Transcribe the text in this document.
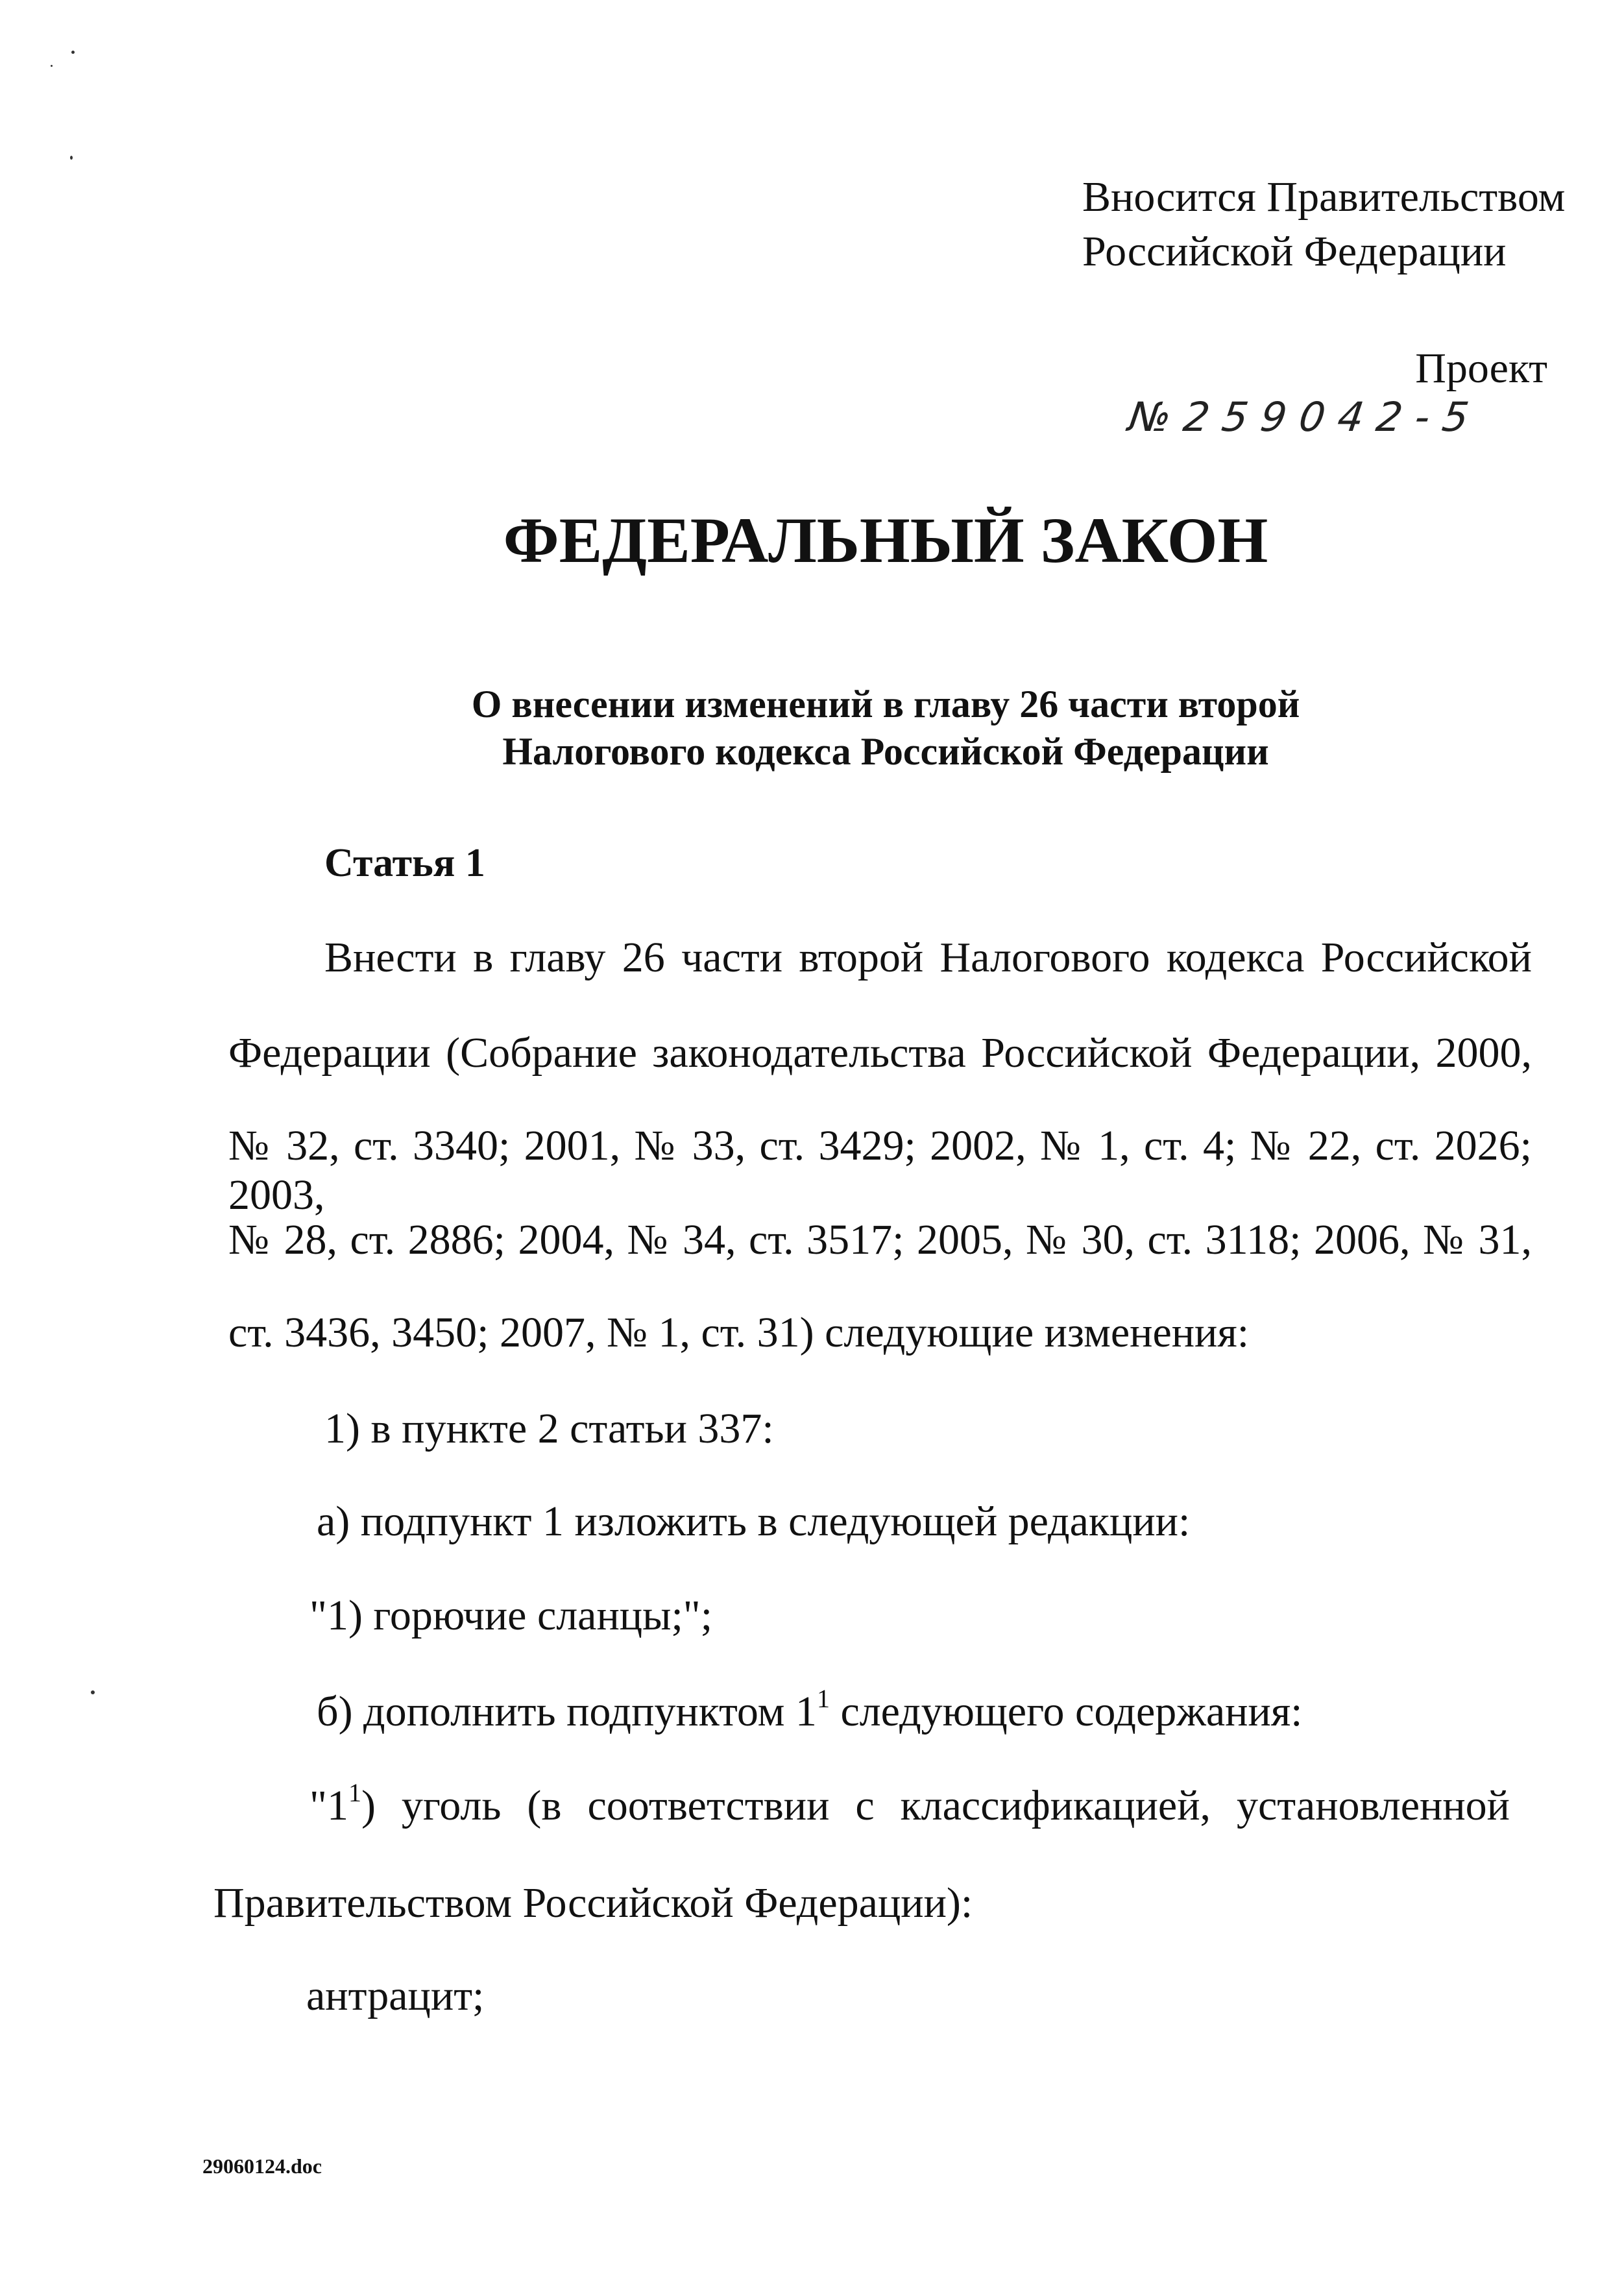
Вносится Правительством
Российской Федерации
Проект
№259042-5
ФЕДЕРАЛЬНЫЙ ЗАКОН
О внесении изменений в главу 26 части второй
Налогового кодекса Российской Федерации
Статья 1
Внести в главу 26 части второй Налогового кодекса Российской
Федерации (Собрание законодательства Российской Федерации, 2000,
№ 32, ст. 3340; 2001, № 33, ст. 3429; 2002, № 1, ст. 4; № 22, ст. 2026; 2003,
№ 28, ст. 2886; 2004, № 34, ст. 3517; 2005, № 30, ст. 3118; 2006, № 31,
ст. 3436, 3450; 2007, № 1, ст. 31) следующие изменения:
1) в пункте 2 статьи 337:
а) подпункт 1 изложить в следующей редакции:
"1) горючие сланцы;";
б) дополнить подпунктом $1^1$ следующего содержания:
"$1^1$) уголь (в соответствии с классификацией, установленной
Правительством Российской Федерации):
антрацит;
29060124.doc
